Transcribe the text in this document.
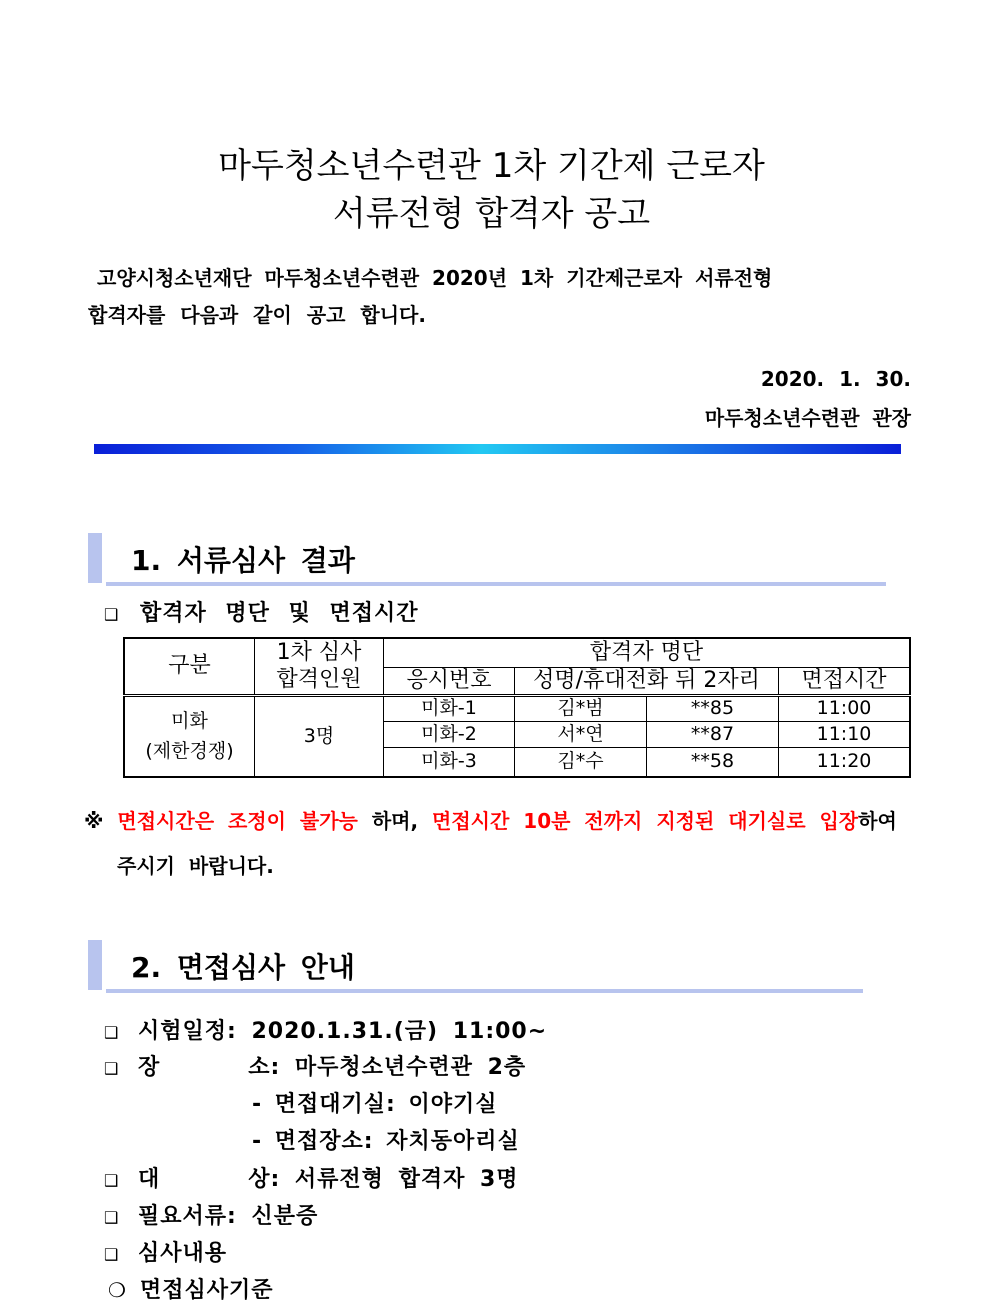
마두청소년수련관 1차 기간제 근로자
서류전형 합격자 공고
고양시청소년재단 마두청소년수련관 2020년 1차 기간제근로자 서류전형
합격자를 다음과 같이 공고 합니다.
2020. 1. 30.
마두청소년수련관 관장
1. 서류심사 결과
❑ 합격자 명단 및 면접시간
구분	1차 심사	합격자 명단			
	합격인원	응시번호	성명/휴대전화 뒤 2자리		면접시간
미화
(제한경쟁)	3명	미화-1	김*범	**85	11:00
		미화-2	서*연	**87	11:10
		미화-3	김*수	**58	11:20
※ 면접시간은 조정이 불가능 하며, 면접시간 10분 전까지 지정된 대기실로 입장하여
주시기 바랍니다.
2. 면접심사 안내
❑ 시험일정: 2020.1.31.(금) 11:00~
❑ 장      소: 마두청소년수련관 2층
- 면접대기실: 이야기실
- 면접장소: 자치동아리실
❑ 대      상: 서류전형 합격자 3명
❑ 필요서류: 신분증
❑ 심사내용
❍ 면접심사기준
